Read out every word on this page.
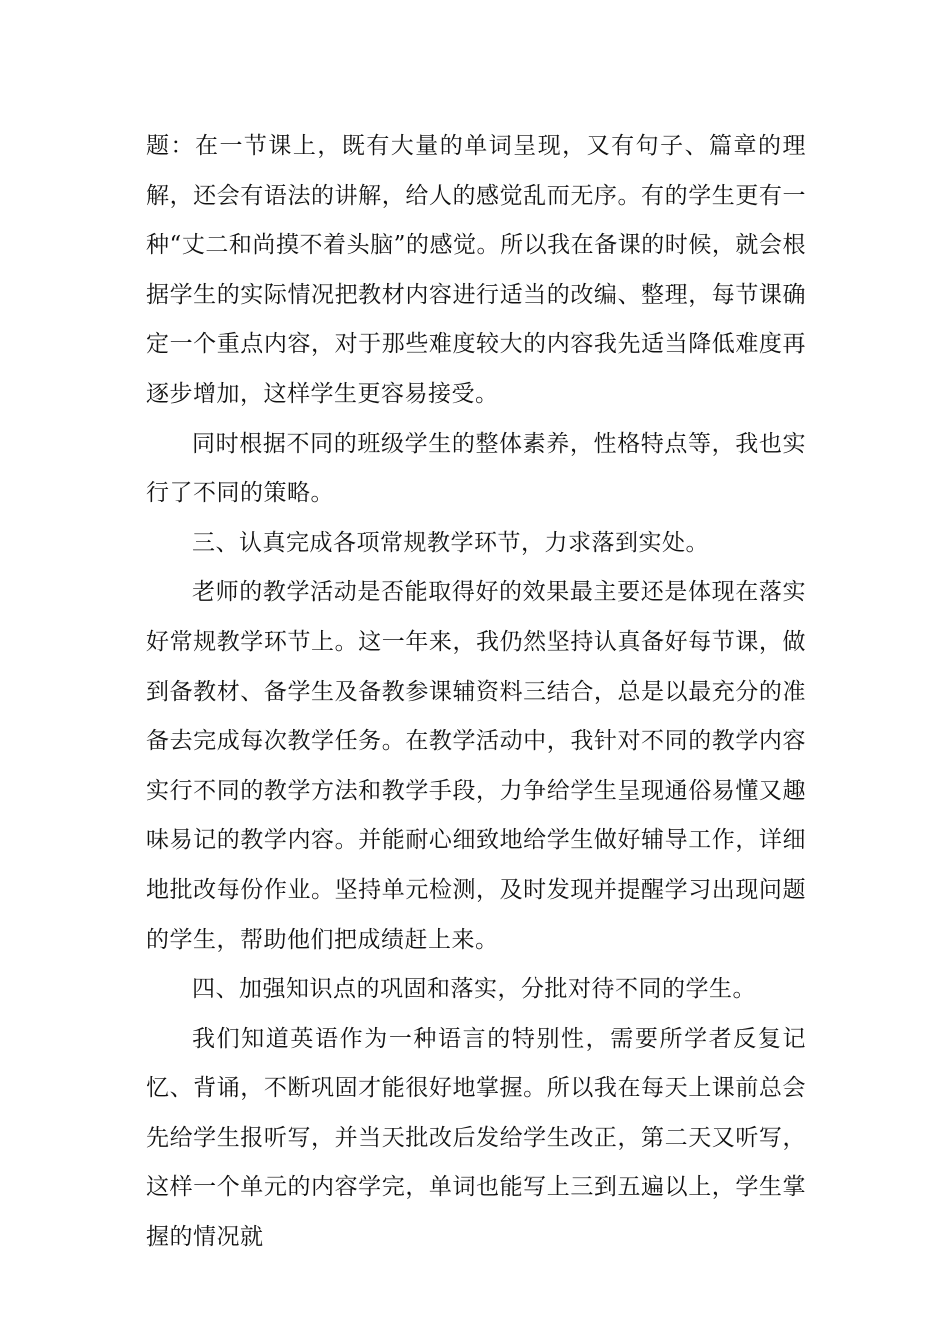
题：在一节课上，既有大量的单词呈现，又有句子、篇章的理解，还会有语法的讲解，给人的感觉乱而无序。有的学生更有一种“丈二和尚摸不着头脑”的感觉。所以我在备课的时候，就会根据学生的实际情况把教材内容进行适当的改编、整理，每节课确定一个重点内容，对于那些难度较大的内容我先适当降低难度再逐步增加，这样学生更容易接受。

同时根据不同的班级学生的整体素养，性格特点等，我也实行了不同的策略。

三、认真完成各项常规教学环节，力求落到实处。

老师的教学活动是否能取得好的效果最主要还是体现在落实好常规教学环节上。这一年来，我仍然坚持认真备好每节课，做到备教材、备学生及备教参课辅资料三结合，总是以最充分的准备去完成每次教学任务。在教学活动中，我针对不同的教学内容实行不同的教学方法和教学手段，力争给学生呈现通俗易懂又趣味易记的教学内容。并能耐心细致地给学生做好辅导工作，详细地批改每份作业。坚持单元检测，及时发现并提醒学习出现问题的学生，帮助他们把成绩赶上来。

四、加强知识点的巩固和落实，分批对待不同的学生。

我们知道英语作为一种语言的特别性，需要所学者反复记忆、背诵，不断巩固才能很好地掌握。所以我在每天上课前总会先给学生报听写，并当天批改后发给学生改正，第二天又听写，这样一个单元的内容学完，单词也能写上三到五遍以上，学生掌握的情况就
